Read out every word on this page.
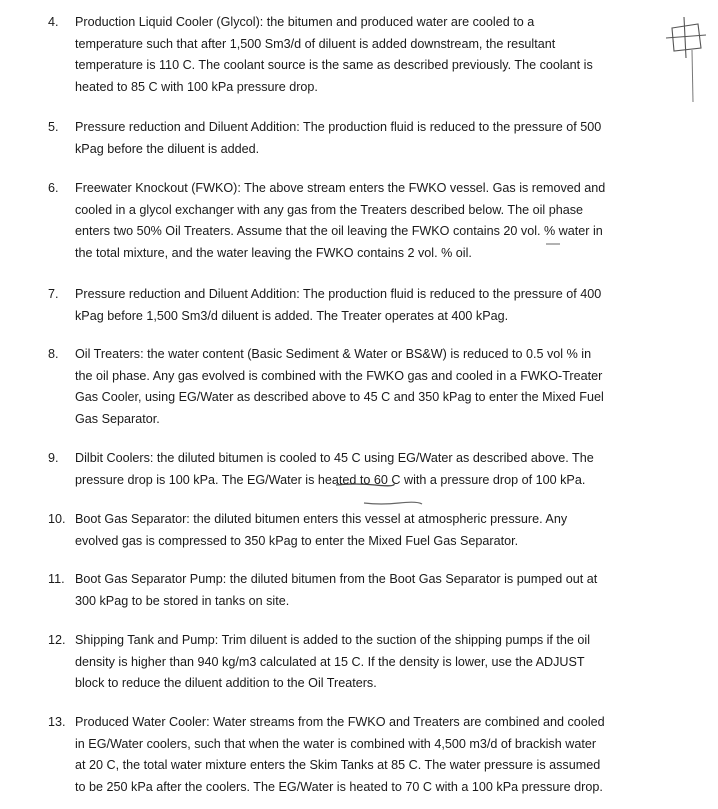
4. Production Liquid Cooler (Glycol): the bitumen and produced water are cooled to a
temperature such that after 1,500 Sm3/d of diluent is added downstream, the resultant
temperature is 110 C. The coolant source is the same as described previously. The coolant is
heated to 85 C with 100 kPa pressure drop.
5. Pressure reduction and Diluent Addition: The production fluid is reduced to the pressure of 500
kPag before the diluent is added.
6. Freewater Knockout (FWKO): The above stream enters the FWKO vessel. Gas is removed and
cooled in a glycol exchanger with any gas from the Treaters described below. The oil phase
enters two 50% Oil Treaters. Assume that the oil leaving the FWKO contains 20 vol. % water in
the total mixture, and the water leaving the FWKO contains 2 vol. % oil.
7. Pressure reduction and Diluent Addition: The production fluid is reduced to the pressure of 400
kPag before 1,500 Sm3/d diluent is added. The Treater operates at 400 kPag.
8. Oil Treaters: the water content (Basic Sediment & Water or BS&W) is reduced to 0.5 vol % in
the oil phase. Any gas evolved is combined with the FWKO gas and cooled in a FWKO-Treater
Gas Cooler, using EG/Water as described above to 45 C and 350 kPag to enter the Mixed Fuel
Gas Separator.
9. Dilbit Coolers: the diluted bitumen is cooled to 45 C using EG/Water as described above. The
pressure drop is 100 kPa. The EG/Water is heated to 60 C with a pressure drop of 100 kPa.
10. Boot Gas Separator: the diluted bitumen enters this vessel at atmospheric pressure. Any
evolved gas is compressed to 350 kPag to enter the Mixed Fuel Gas Separator.
11. Boot Gas Separator Pump: the diluted bitumen from the Boot Gas Separator is pumped out at
300 kPag to be stored in tanks on site.
12. Shipping Tank and Pump: Trim diluent is added to the suction of the shipping pumps if the oil
density is higher than 940 kg/m3 calculated at 15 C. If the density is lower, use the ADJUST
block to reduce the diluent addition to the Oil Treaters.
13. Produced Water Cooler: Water streams from the FWKO and Treaters are combined and cooled
in EG/Water coolers, such that when the water is combined with 4,500 m3/d of brackish water
at 20 C, the total water mixture enters the Skim Tanks at 85 C. The water pressure is assumed
to be 250 kPa after the coolers. The EG/Water is heated to 70 C with a 100 kPa pressure drop.
